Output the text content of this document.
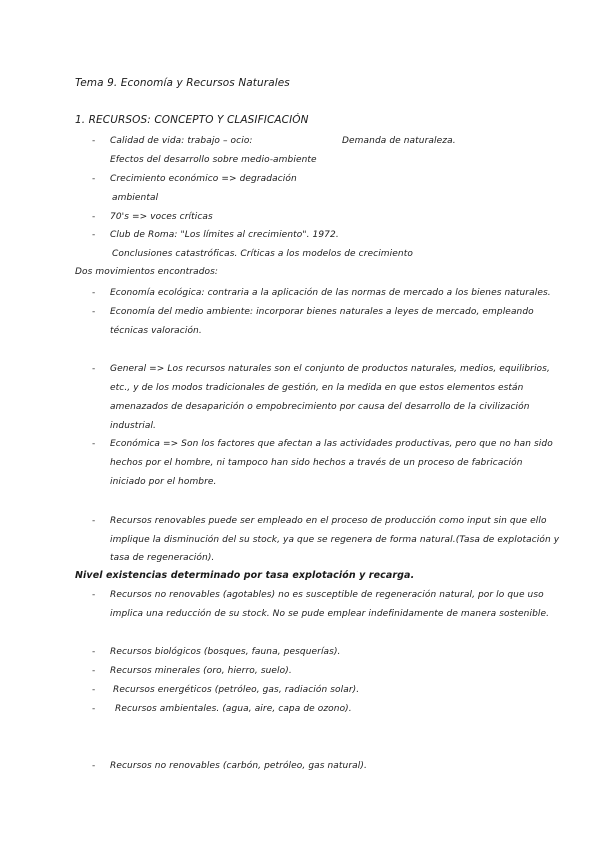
Tema 9. Economía y Recursos Naturales
1. RECURSOS: CONCEPTO Y CLASIFICACIÓN
- Calidad de vida: trabajo – ocio:	Demanda de naturaleza.
Efectos del desarrollo sobre medio-ambiente
- Crecimiento económico => degradación
ambiental
- 70's => voces críticas
- Club de Roma: "Los límites al crecimiento". 1972.
Conclusiones catastróficas. Críticas a los modelos de crecimiento
Dos movimientos encontrados:
- Economía ecológica: contraria a la aplicación de las normas de mercado a los bienes naturales.
- Economía del medio ambiente: incorporar bienes naturales a leyes de mercado, empleando
técnicas valoración.
- General => Los recursos naturales son el conjunto de productos naturales, medios, equilibrios,
etc., y de los modos tradicionales de gestión, en la medida en que estos elementos están
amenazados de desaparición o empobrecimiento por causa del desarrollo de la civilización
industrial.
- Económica => Son los factores que afectan a las actividades productivas, pero que no han sido
hechos por el hombre, ni tampoco han sido hechos a través de un proceso de fabricación
iniciado por el hombre.
- Recursos renovables puede ser empleado en el proceso de producción como input sin que ello
implique la disminución del su stock, ya que se regenera de forma natural.(Tasa de explotación y
tasa de regeneración).
Nivel existencias determinado por tasa explotación y recarga.
- Recursos no renovables (agotables) no es susceptible de regeneración natural, por lo que uso
implica una reducción de su stock. No se pude emplear indefinidamente de manera sostenible.
- Recursos biológicos (bosques, fauna, pesquerías).
- Recursos minerales (oro, hierro, suelo).
- Recursos energéticos (petróleo, gas, radiación solar).
- Recursos ambientales. (agua, aire, capa de ozono).
- Recursos no renovables (carbón, petróleo, gas natural).
